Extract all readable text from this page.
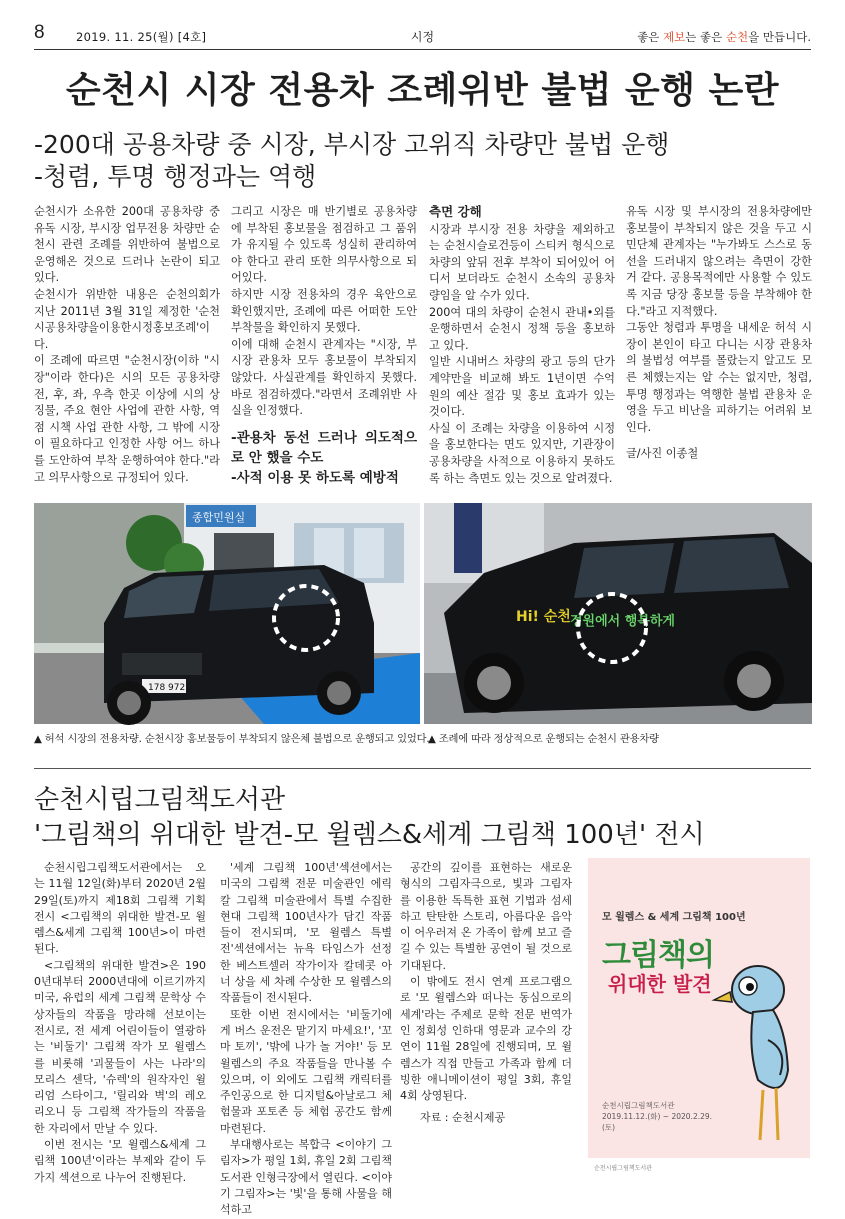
8	2019. 11. 25(월) [4호]	시정	좋은 제보는 좋은 순천을 만듭니다.
순천시 시장 전용차 조례위반 불법 운행 논란
-200대 공용차량 중 시장, 부시장 고위직 차량만 불법 운행
-청렴, 투명 행정과는 역행

순천시가 소유한 200대 공용차량 중 유독 시장, 부시장 업무전용 차량만 순천시 관련 조례를 위반하여 불법으로 운영해온 것으로 드러나 논란이 되고 있다.

순천시가 위반한 내용은 순천의회가 지난 2011년 3월 31일 제정한 '순천시공용차량을이용한시정홍보조례'이다.

이 조례에 따르면 "순천시장(이하 "시장"이라 한다)은 시의 모든 공용차량 전, 후, 좌, 우측 한곳 이상에 시의 상징물, 주요 현안 사업에 관한 사항, 역점 시책 사업 관한 사항, 그 밖에 시장이 필요하다고 인정한 사항 어느 하나를 도안하여 부착 운행하여야 한다."라고 의무사항으로 규정되어 있다.

그리고 시장은 매 반기별로 공용차량에 부착된 홍보물을 점검하고 그 품위가 유지될 수 있도록 성실히 관리하여야 한다고 관리 또한 의무사항으로 되어있다.

하지만 시장 전용차의 경우 육안으로 확인했지만, 조례에 따른 어떠한 도안 부착물을 확인하지 못했다.

이에 대해 순천시 관계자는 "시장, 부시장 관용차 모두 홍보물이 부착되지 않았다. 사실관계를 확인하지 못했다. 바로 점검하겠다."라면서 조례위반 사실을 인정했다.

-관용차 동선 드러나 의도적으로 안 했을 수도
-사적 이용 못 하도록 예방적

측면 강해

시장과 부시장 전용 차량을 제외하고는 순천시슬로건등이 스티커 형식으로 차량의 앞뒤 전후 부착이 되어있어 어디서 보더라도 순천시 소속의 공용차량임을 알 수가 있다.

200여 대의 차량이 순천시 관내•외를 운행하면서 순천시 정책 등을 홍보하고 있다.

일반 시내버스 차량의 광고 등의 단가 계약만을 비교해 봐도 1년이면 수억 원의 예산 절감 및 홍보 효과가 있는 것이다.

사실 이 조례는 차량을 이용하여 시정을 홍보한다는 면도 있지만, 기관장이 공용차량을 사적으로 이용하지 못하도록 하는 측면도 있는 것으로 알려졌다.

유독 시장 및 부시장의 전용차량에만 홍보물이 부착되지 않은 것을 두고 시민단체 관계자는 "누가봐도 스스로 동선을 드러내지 않으려는 측면이 강한 거 같다. 공용목적에만 사용할 수 있도록 지금 당장 홍보물 등을 부착해야 한다."라고 지적했다.

그동안 청렴과 투명을 내세운 허석 시장이 본인이 타고 다니는 시장 관용차의 불법성 여부를 몰랐는지 알고도 모른 체했는지는 알 수는 없지만, 청렴, 투명 행정과는 역행한 불법 관용차 운영을 두고 비난을 피하기는 어려워 보인다.

글/사진 이종철

종합민원실
178 9721
Hi! 순천 정원에서 행복하게
▲ 허석 시장의 전용차량. 순천시장 홍보물등이 부착되지 않은체 불법으로 운행되고 있었다.
▲ 조례에 따라 정상적으로 운행되는 순천시 관용차량
순천시립그림책도서관
'그림책의 위대한 발견-모 윌렘스&세계 그림책 100년' 전시

순천시립그림책도서관에서는 오는 11월 12일(화)부터 2020년 2월 29일(토)까지 제18회 그림책 기획전시 <그림책의 위대한 발견-모 윌렘스&세계 그림책 100년>이 마련된다.

<그림책의 위대한 발견>은 1900년대부터 2000년대에 이르기까지 미국, 유럽의 세계 그림책 문학상 수상자들의 작품을 망라해 선보이는 전시로, 전 세계 어린이들이 열광하는 '비둘기' 그림책 작가 모 윌렘스를 비롯해 '괴물들이 사는 나라'의 모리스 센닥, '슈렉'의 원작자인 윌리엄 스타이그, '릴리와 벽'의 레오 리오니 등 그림책 작가들의 작품을 한 자리에서 만날 수 있다.

이번 전시는 '모 윌렘스&세계 그림책 100년'이라는 부제와 같이 두 가지 섹션으로 나누어 진행된다.

'세계 그림책 100년'섹션에서는 미국의 그림책 전문 미술관인 에릭 칼 그림책 미술관에서 특별 수집한 현대 그림책 100년사가 담긴 작품들이 전시되며, '모 윌렘스 특별전'섹션에서는 뉴욕 타임스가 선정한 베스트셀러 작가이자 칼데콧 아너 상을 세 차례 수상한 모 윌렘스의 작품들이 전시된다.

또한 이번 전시에서는 '비둘기에게 버스 운전은 맡기지 마세요!', '꼬마 토끼', '밖에 나가 놀 거야!' 등 모 윌렘스의 주요 작품들을 만나볼 수 있으며, 이 외에도 그림책 캐릭터를 주인공으로 한 디지털&아날로그 체험물과 포토존 등 체험 공간도 함께 마련된다.

부대행사로는 복합극 <이야기 그림자>가 평일 1회, 휴일 2회 그림책도서관 인형극장에서 열린다. <이야기 그림자>는 '빛'을 통해 사물을 해석하고

공간의 깊이를 표현하는 새로운 형식의 그림자극으로, 빛과 그림자를 이용한 독특한 표현 기법과 섬세하고 탄탄한 스토리, 아름다운 음악이 어우러져 온 가족이 함께 보고 즐길 수 있는 특별한 공연이 될 것으로 기대된다.

이 밖에도 전시 연계 프로그램으로 '모 윌렘스와 떠나는 동심으로의 세계'라는 주제로 문학 전문 번역가인 정회성 인하대 영문과 교수의 강연이 11월 28일에 진행되며, 모 윌렘스가 직접 만들고 가족과 함께 더빙한 애니메이션이 평일 3회, 휴일 4회 상영된다.

자료 : 순천시제공

모 윌렘스 & 세계 그림책 100년
그림책의
위대한 발견
순천시립그림책도서관
2019.11.12.(화) ~ 2020.2.29.(토)
순천시립그림책도서관
